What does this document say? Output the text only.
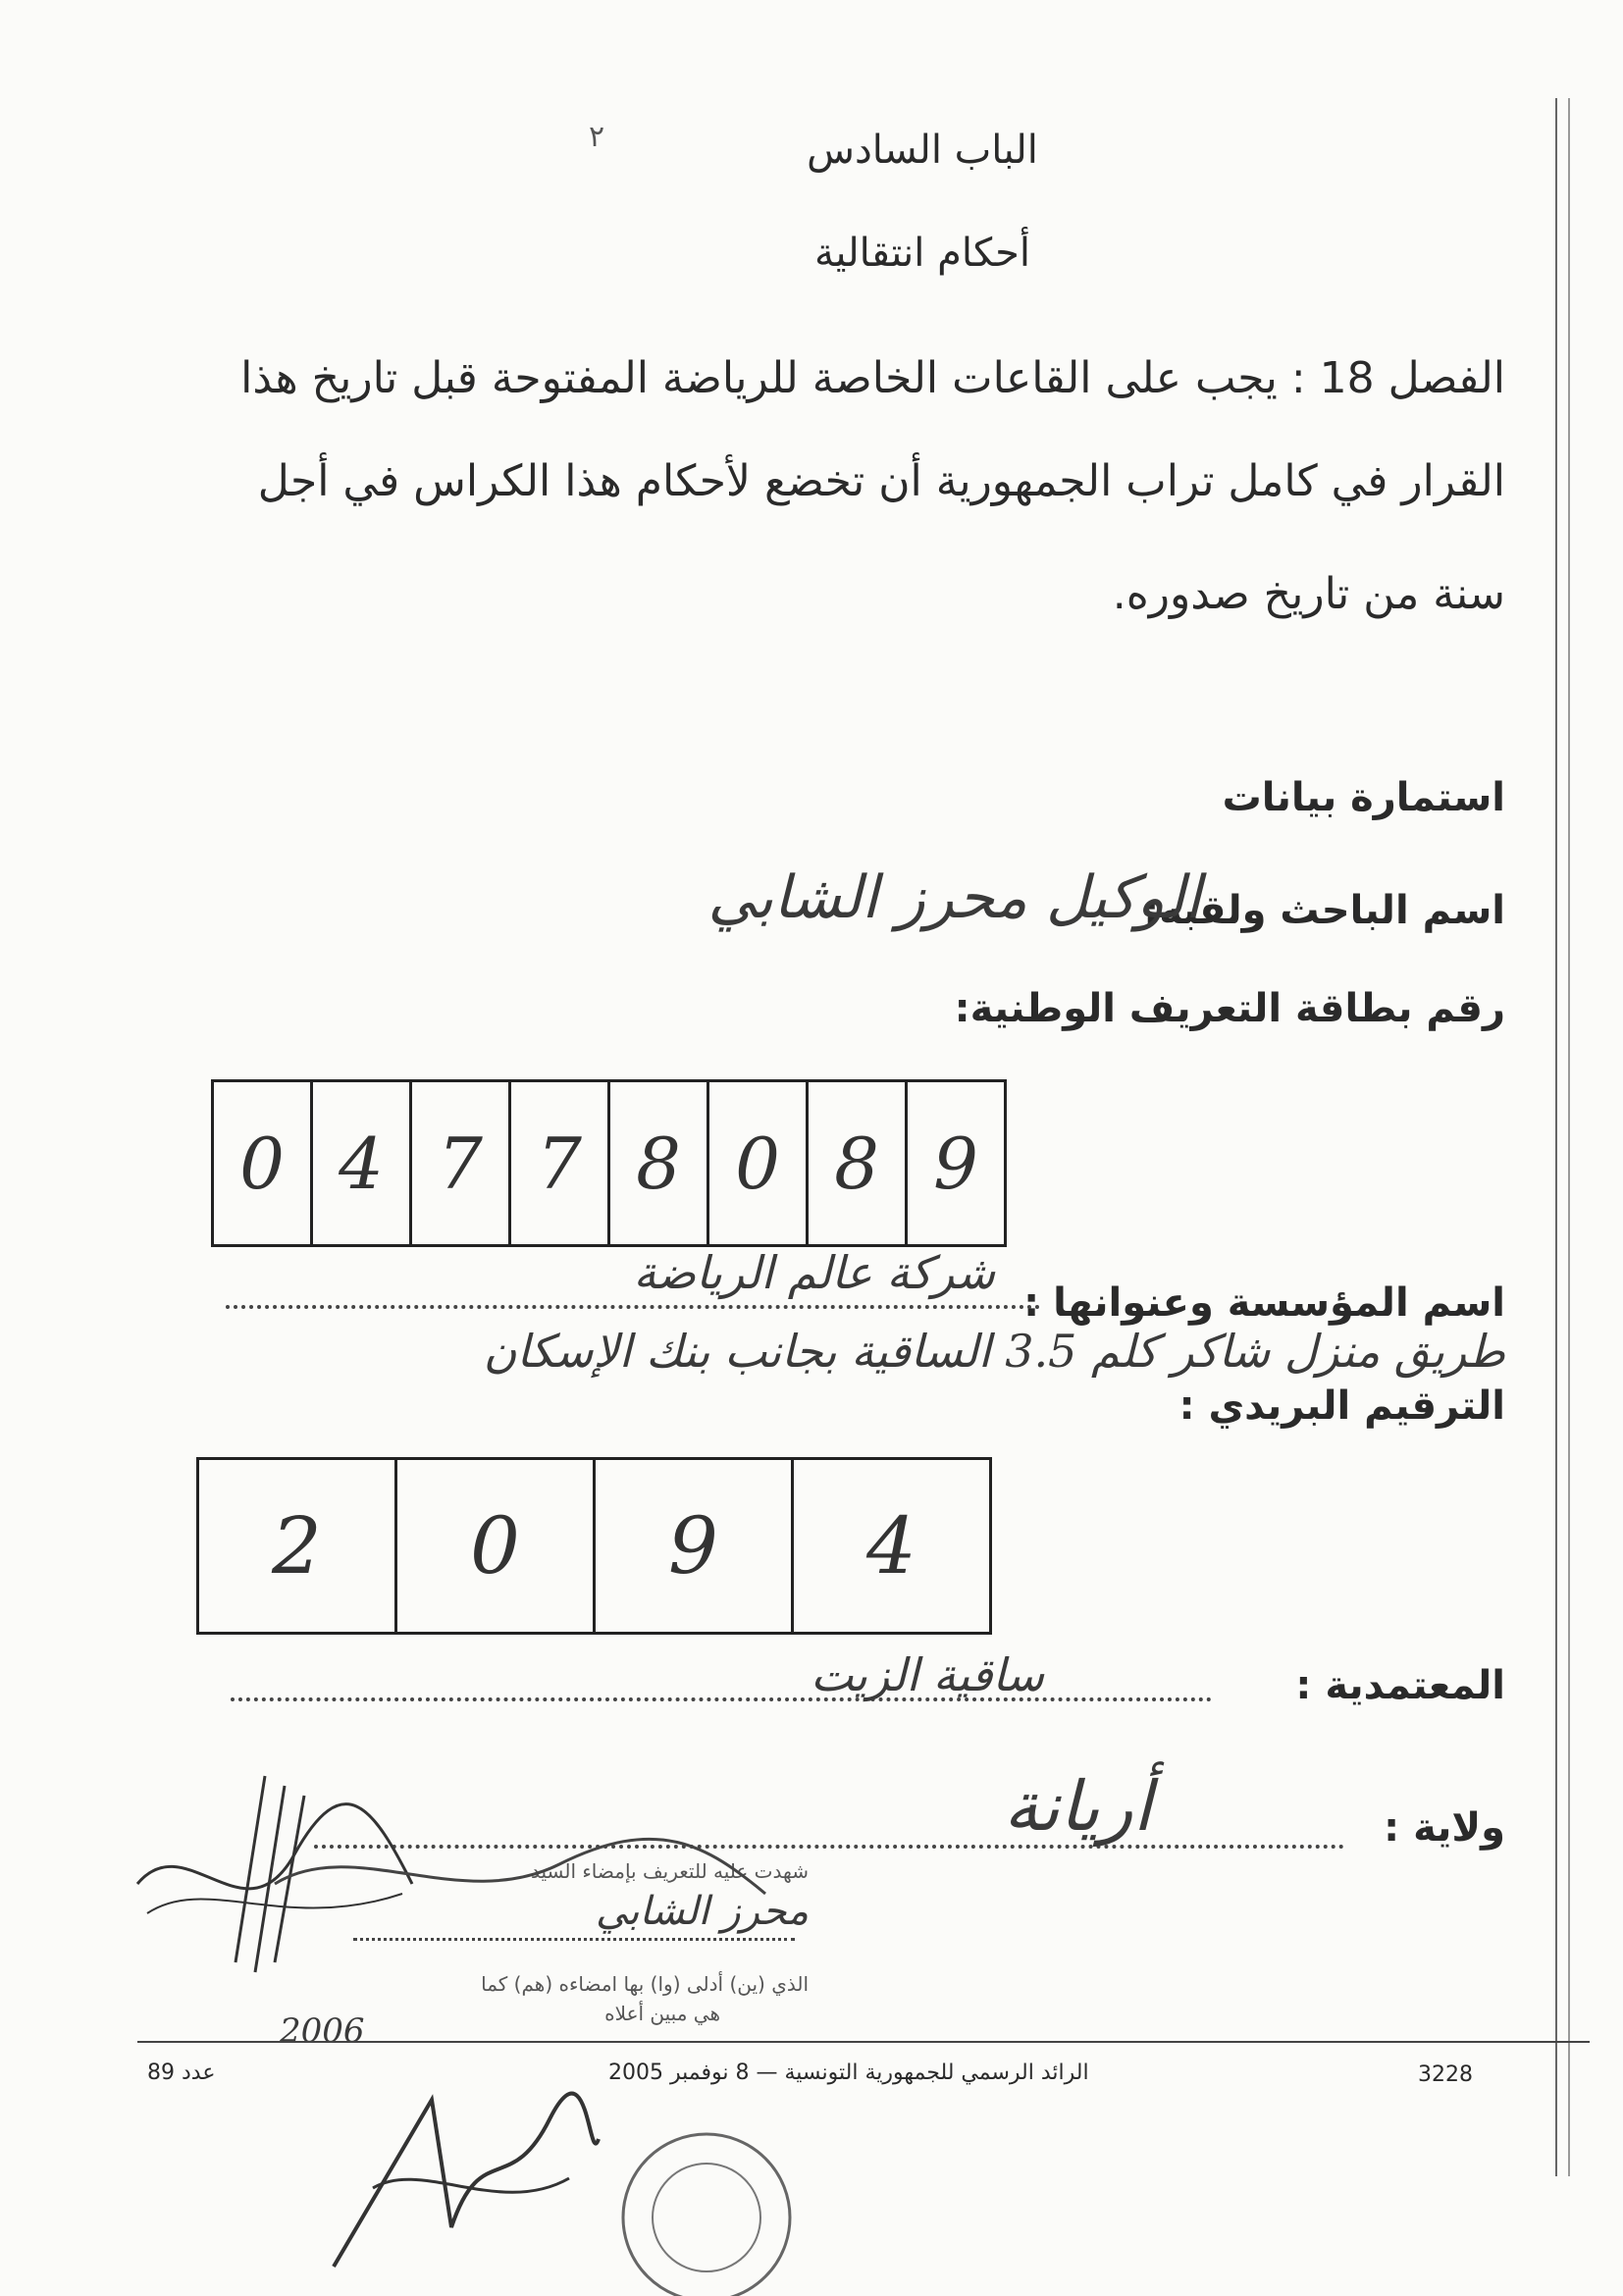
٢	الباب السادس
أحكام انتقالية
الفصل 18 : يجب على القاعات الخاصة للرياضة المفتوحة قبل تاريخ هذا
القرار في كامل تراب الجمهورية أن تخضع لأحكام هذا الكراس في أجل
سنة من تاريخ صدوره.
استمارة بيانات
اسم الباحث ولقبه:
الوكيل محرز الشابي
رقم بطاقة التعريف الوطنية:
0 4 7 7 8 0 8 9
اسم المؤسسة وعنوانها :
شركة عالم الرياضة
طريق منزل شاكر كلم 3.5 الساقية بجانب بنك الإسكان
الترقيم البريدي :
2	0	9	4
المعتمدية :
ساقية الزيت
ولاية :
أريانة
شهدت عليه للتعريف بإمضاء السيد
محرز الشابي
الذي (ين) أدلى (وا) بها امضاءه (هم) كما
هي مبين أعلاه
2006
عدد 89	الرائد الرسمي للجمهورية التونسية — 8 نوفمبر 2005	3228
